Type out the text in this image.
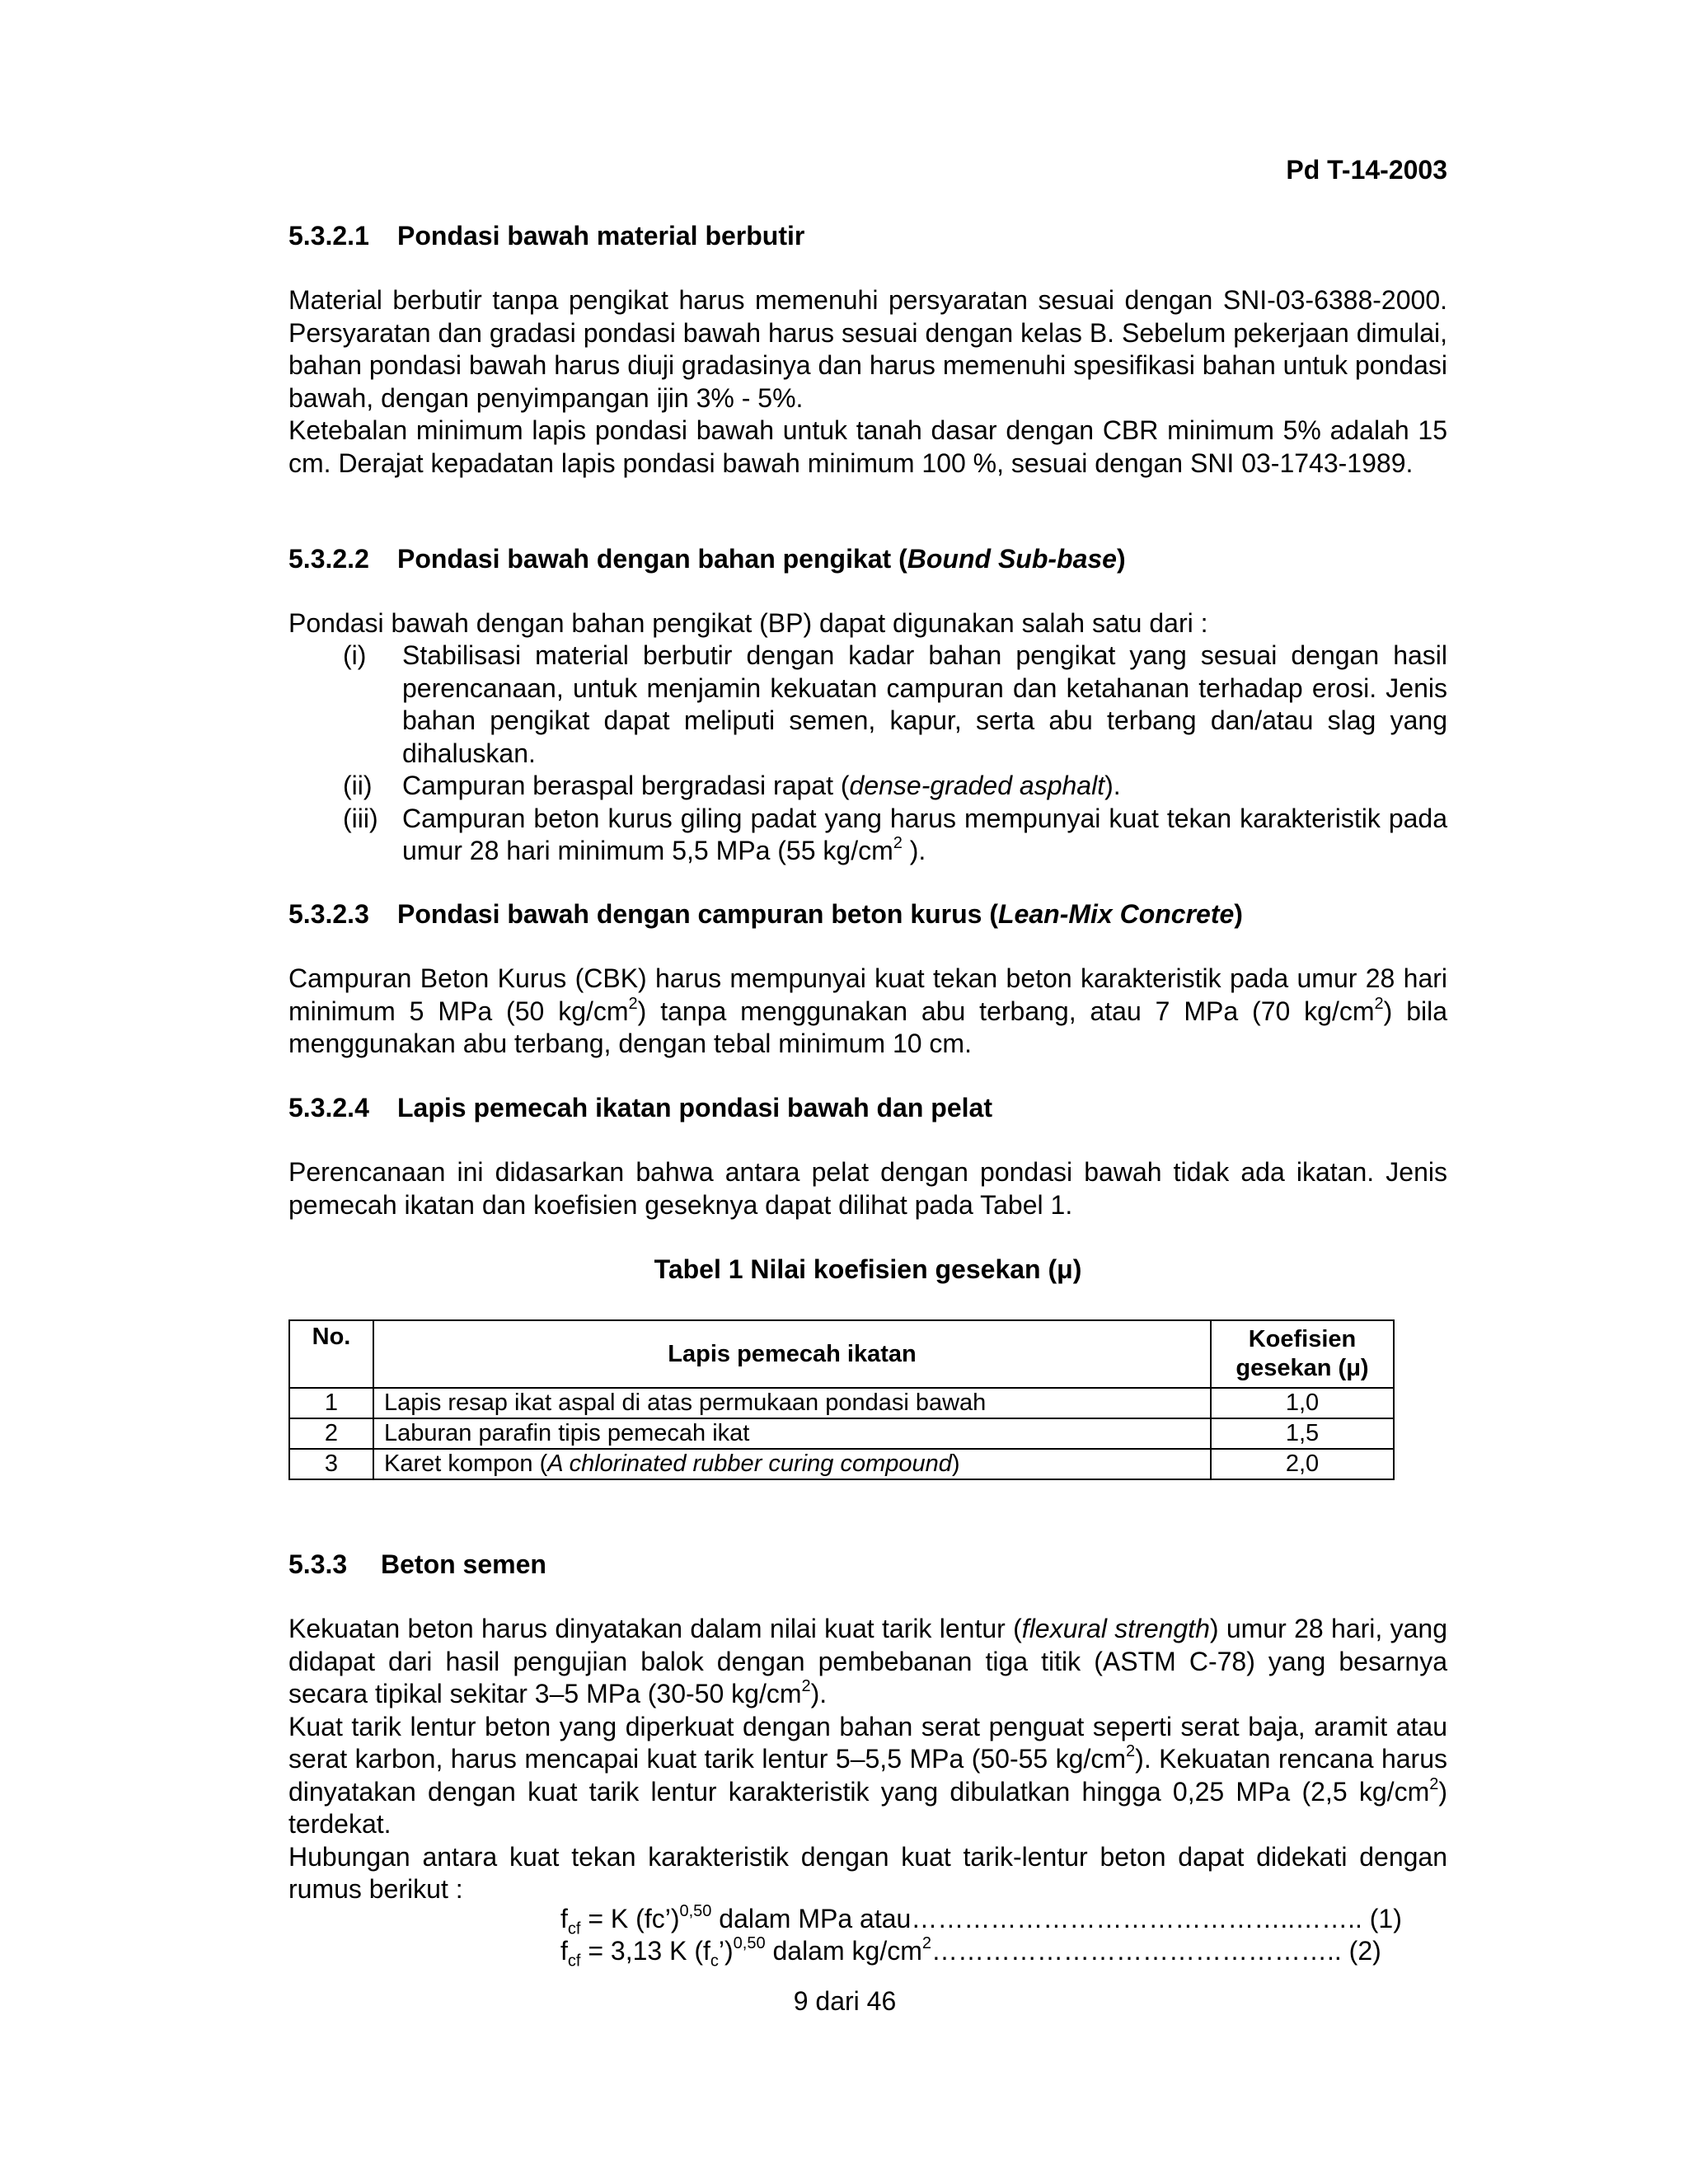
Pd T-14-2003
5.3.2.1 Pondasi bawah material berbutir

Material berbutir tanpa pengikat harus memenuhi persyaratan sesuai dengan SNI-03-6388-2000. Persyaratan dan gradasi pondasi bawah harus sesuai dengan kelas B. Sebelum pekerjaan dimulai, bahan pondasi bawah harus diuji gradasinya dan harus memenuhi spesifikasi bahan untuk pondasi bawah, dengan penyimpangan ijin 3% - 5%.

Ketebalan minimum lapis pondasi bawah untuk tanah dasar dengan CBR minimum 5% adalah 15 cm. Derajat kepadatan lapis pondasi bawah minimum 100 %, sesuai dengan SNI 03-1743-1989.

5.3.2.2 Pondasi bawah dengan bahan pengikat (Bound Sub-base)

Pondasi bawah dengan bahan pengikat (BP) dapat digunakan salah satu dari :

(i)	Stabilisasi material berbutir dengan kadar bahan pengikat yang sesuai dengan hasil perencanaan, untuk menjamin kekuatan campuran dan ketahanan terhadap erosi. Jenis bahan pengikat dapat meliputi semen, kapur, serta abu terbang dan/atau slag yang dihaluskan.
(ii)	Campuran beraspal bergradasi rapat (dense-graded asphalt).
(iii) Campuran beton kurus giling padat yang harus mempunyai kuat tekan karakteristik pada umur 28 hari minimum 5,5 MPa (55 $kg/cm^2$ ).
5.3.2.3 Pondasi bawah dengan campuran beton kurus (Lean-Mix Concrete)

Campuran Beton Kurus (CBK) harus mempunyai kuat tekan beton karakteristik pada umur 28 hari minimum 5 MPa (50 $kg/cm^2$) tanpa menggunakan abu terbang, atau 7 MPa (70 $kg/cm^2$) bila menggunakan abu terbang, dengan tebal minimum 10 cm.

5.3.2.4 Lapis pemecah ikatan pondasi bawah dan pelat

Perencanaan ini didasarkan bahwa antara pelat dengan pondasi bawah tidak ada ikatan. Jenis pemecah ikatan dan koefisien geseknya dapat dilihat pada Tabel 1.

Tabel 1 Nilai koefisien gesekan (μ)
No.	Lapis pemecah ikatan	Koefisien
gesekan (μ)
1	Lapis resap ikat aspal di atas permukaan pondasi bawah	1,0
2	Laburan parafin tipis pemecah ikat	1,5
3	Karet kompon (A chlorinated rubber curing compound)	2,0
5.3.3 Beton semen

Kekuatan beton harus dinyatakan dalam nilai kuat tarik lentur (flexural strength) umur 28 hari, yang didapat dari hasil pengujian balok dengan pembebanan tiga titik (ASTM C-78) yang besarnya secara tipikal sekitar 3–5 MPa (30-50 $kg/cm^2$).

Kuat tarik lentur beton yang diperkuat dengan bahan serat penguat seperti serat baja, aramit atau serat karbon, harus mencapai kuat tarik lentur 5–5,5 MPa (50-55 $kg/cm^2$). Kekuatan rencana harus dinyatakan dengan kuat tarik lentur karakteristik yang dibulatkan hingga 0,25 MPa (2,5 $kg/cm^2$) terdekat.

Hubungan antara kuat tekan karakteristik dengan kuat tarik-lentur beton dapat didekati dengan rumus berikut :

$f_{cf} = K$ (fc’)$^{0,50}$ dalam MPa atau……………………………………..…….. (1)
$f_{cf} = 3,13$ K $(f_c’)^{0,50}$ dalam $kg/cm^2\dots\dots\dots\dots\dots\dots\dots\dots\dots\dots\dots\dots\dots\dots\dots$.. (2)
9 dari 46
